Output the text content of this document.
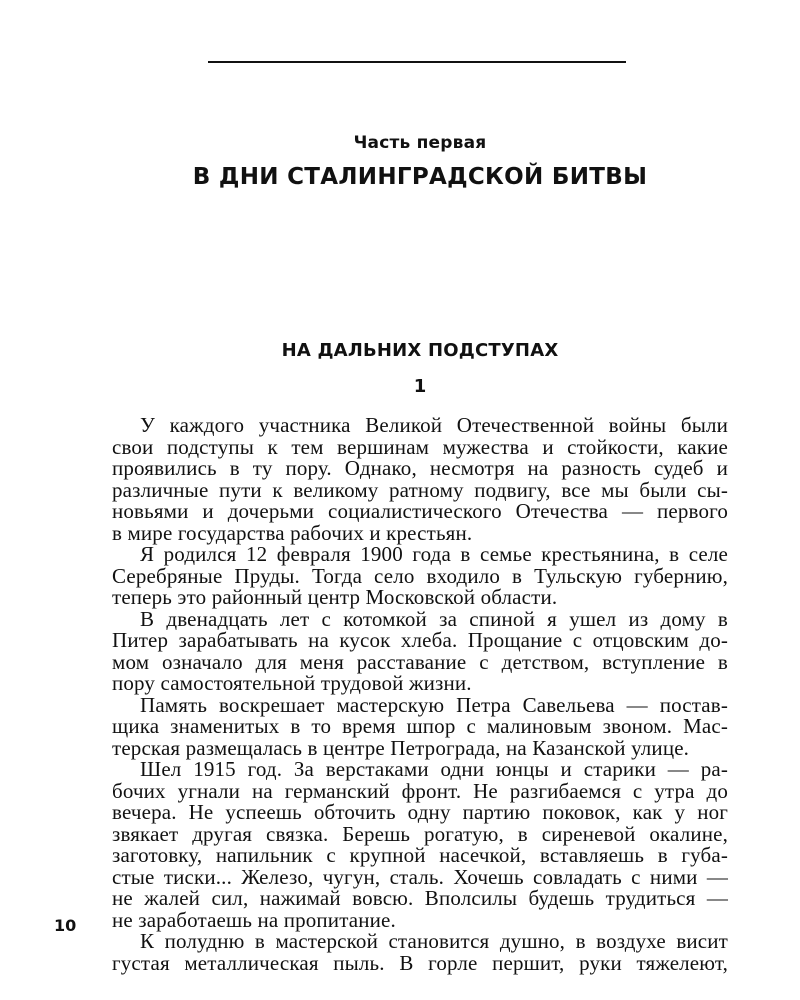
Часть первая
В ДНИ СТАЛИНГРАДСКОЙ БИТВЫ
НА ДАЛЬНИХ ПОДСТУПАХ
1
У каждого участника Великой Отечественной войны были
свои подступы к тем вершинам мужества и стойкости, какие
проявились в ту пору. Однако, несмотря на разность судеб и
различные пути к великому ратному подвигу, все мы были сы-
новьями и дочерьми социалистического Отечества — первого
в мире государства рабочих и крестьян.
Я родился 12 февраля 1900 года в семье крестьянина, в селе
Серебряные Пруды. Тогда село входило в Тульскую губернию,
теперь это районный центр Московской области.
В двенадцать лет с котомкой за спиной я ушел из дому в
Питер зарабатывать на кусок хлеба. Прощание с отцовским до-
мом означало для меня расставание с детством, вступление в
пору самостоятельной трудовой жизни.
Память воскрешает мастерскую Петра Савельева — постав-
щика знаменитых в то время шпор с малиновым звоном. Мас-
терская размещалась в центре Петрограда, на Казанской улице.
Шел 1915 год. За верстаками одни юнцы и старики — ра-
бочих угнали на германский фронт. Не разгибаемся с утра до
вечера. Не успеешь обточить одну партию поковок, как у ног
звякает другая связка. Берешь рогатую, в сиреневой окалине,
заготовку, напильник с крупной насечкой, вставляешь в губа-
стые тиски... Железо, чугун, сталь. Хочешь совладать с ними —
не жалей сил, нажимай вовсю. Вполсилы будешь трудиться —
не заработаешь на пропитание.
К полудню в мастерской становится душно, в воздухе висит
густая металлическая пыль. В горле першит, руки тяжелеют,
10
